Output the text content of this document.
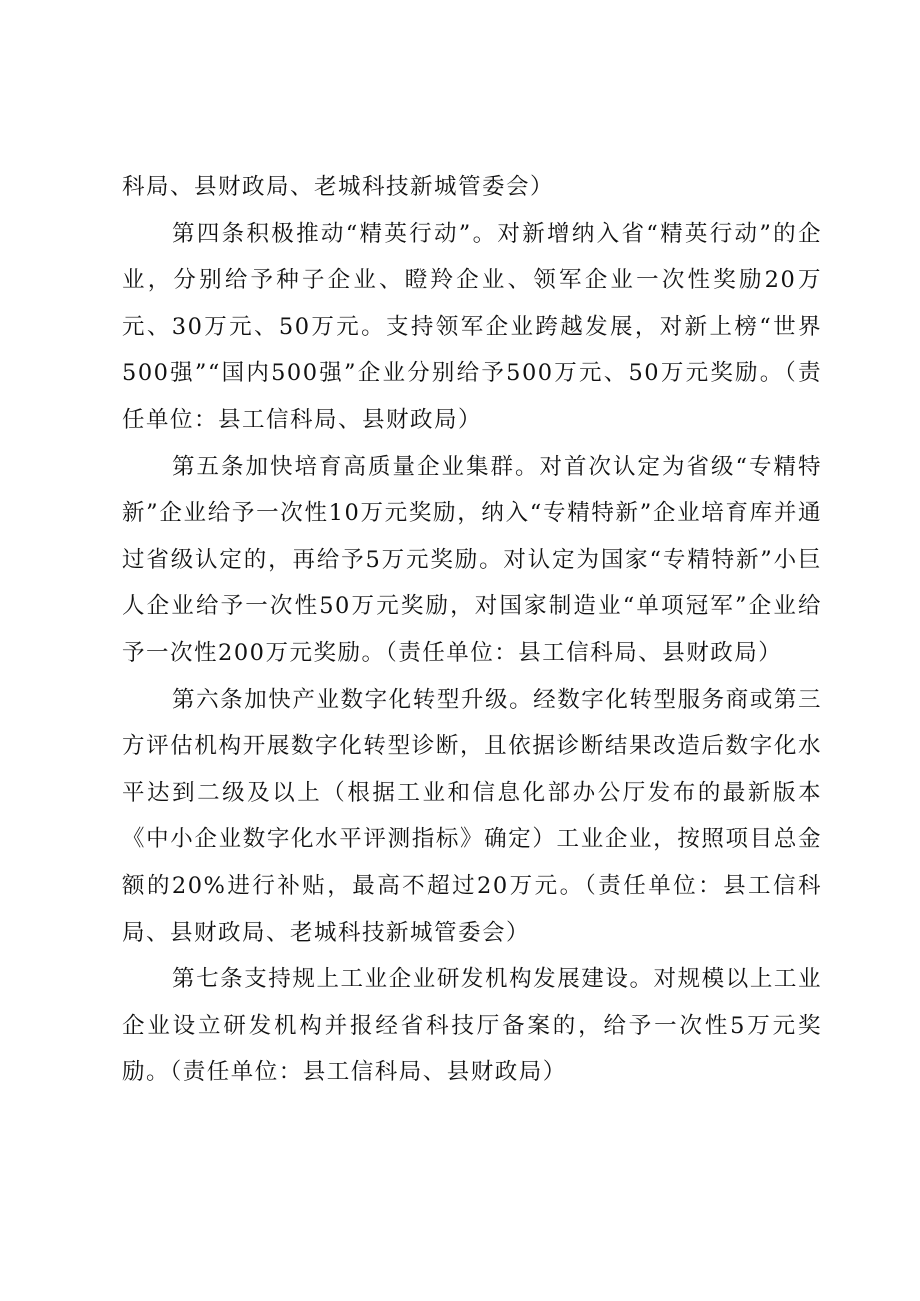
科局、县财政局、老城科技新城管委会）

第四条积极推动“精英行动”。对新增纳入省“精英行动”的企业，分别给予种子企业、瞪羚企业、领军企业一次性奖励20万元、30万元、50万元。支持领军企业跨越发展，对新上榜“世界500强”“国内500强”企业分别给予500万元、50万元奖励。（责任单位：县工信科局、县财政局）

第五条加快培育高质量企业集群。对首次认定为省级“专精特新”企业给予一次性10万元奖励，纳入“专精特新”企业培育库并通过省级认定的，再给予5万元奖励。对认定为国家“专精特新”小巨人企业给予一次性50万元奖励，对国家制造业“单项冠军”企业给予一次性200万元奖励。（责任单位：县工信科局、县财政局）

第六条加快产业数字化转型升级。经数字化转型服务商或第三方评估机构开展数字化转型诊断，且依据诊断结果改造后数字化水平达到二级及以上（根据工业和信息化部办公厅发布的最新版本《中小企业数字化水平评测指标》确定）工业企业，按照项目总金额的20%进行补贴，最高不超过20万元。（责任单位：县工信科局、县财政局、老城科技新城管委会）

第七条支持规上工业企业研发机构发展建设。对规模以上工业企业设立研发机构并报经省科技厅备案的，给予一次性5万元奖励。（责任单位：县工信科局、县财政局）
